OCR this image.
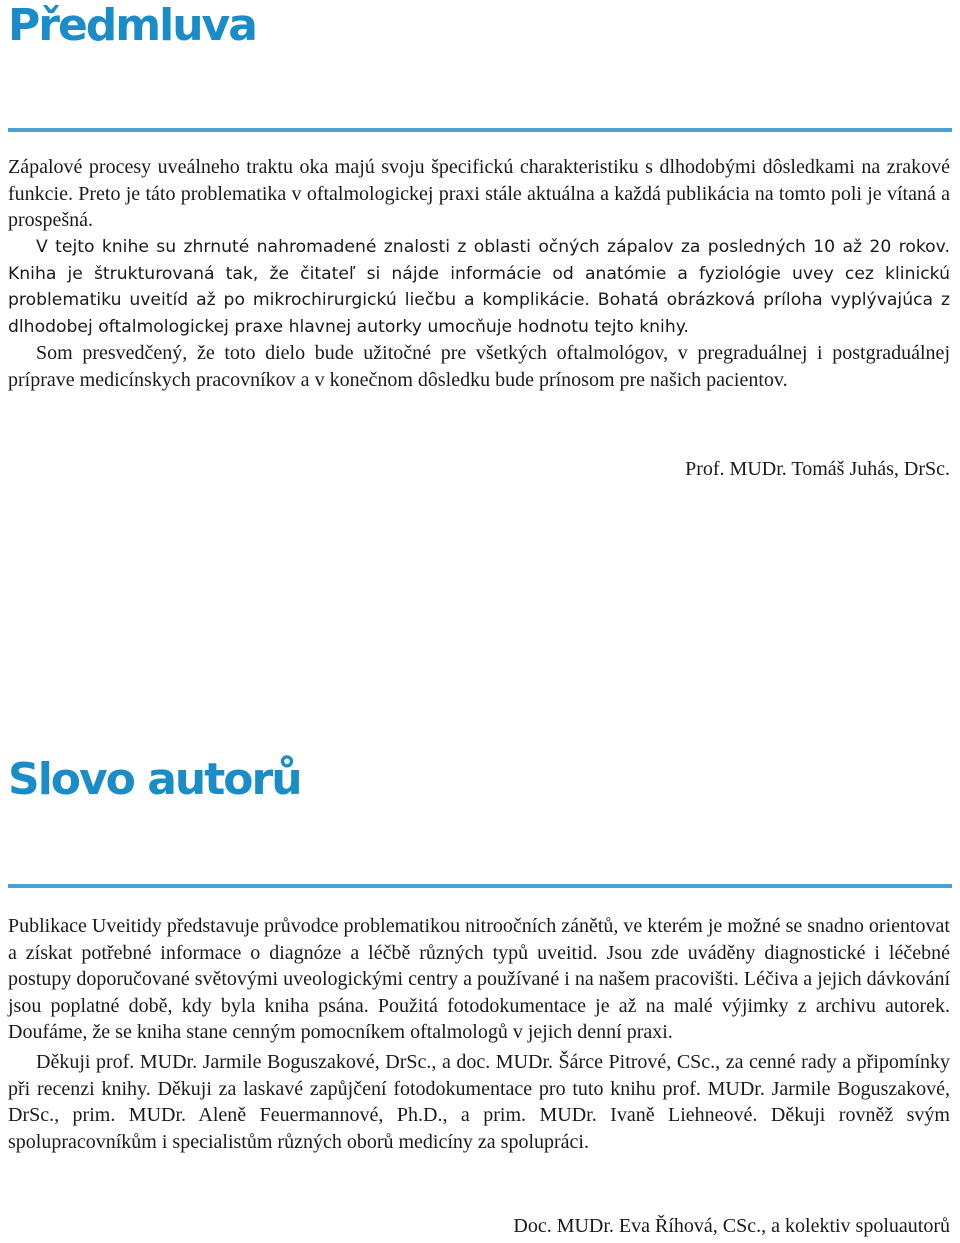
Předmluva

Zápalové procesy uveálneho traktu oka majú svoju špecifickú charakteristiku s dlhodobými dôsledkami na zrakové funkcie. Preto je táto problematika v oftalmologickej praxi stále aktuálna a každá publikácia na tomto poli je vítaná a prospešná.

V tejto knihe su zhrnuté nahromadené znalosti z oblasti očných zápalov za posledných 10 až 20 rokov. Kniha je štrukturovaná tak, že čitateľ si nájde informácie od anatómie a fyziológie uvey cez klinickú problematiku uveitíd až po mikrochirurgickú liečbu a komplikácie. Bohatá obrázková príloha vyplývajúca z dlhodobej oftalmologickej praxe hlavnej autorky umocňuje hodnotu tejto knihy.

Som presvedčený, že toto dielo bude užitočné pre všetkých oftalmológov, v pregraduálnej i postgraduálnej príprave medicínskych pracovníkov a v konečnom dôsledku bude prínosom pre našich pacientov.

Prof. MUDr. Tomáš Juhás, DrSc.

Slovo autorů

Publikace Uveitidy představuje průvodce problematikou nitroočních zánětů, ve kterém je možné se snadno orientovat a získat potřebné informace o diagnóze a léčbě různých typů uveitid. Jsou zde uváděny diagnostické i léčebné postupy doporučované světovými uveologickými centry a používané i na našem pracovišti. Léčiva a jejich dávkování jsou poplatné době, kdy byla kniha psána. Použitá fotodokumentace je až na malé výjimky z archivu autorek. Doufáme, že se kniha stane cenným pomocníkem oftalmologů v jejich denní praxi.

Děkuji prof. MUDr. Jarmile Boguszakové, DrSc., a doc. MUDr. Šárce Pitrové, CSc., za cenné rady a připomínky při recenzi knihy. Děkuji za laskavé zapůjčení fotodokumentace pro tuto knihu prof. MUDr. Jarmile Boguszakové, DrSc., prim. MUDr. Aleně Feuermannové, Ph.D., a prim. MUDr. Ivaně Liehneové. Děkuji rovněž svým spolupracovníkům i specialistům různých oborů medicíny za spolupráci.

Doc. MUDr. Eva Říhová, CSc., a kolektiv spoluautorů
